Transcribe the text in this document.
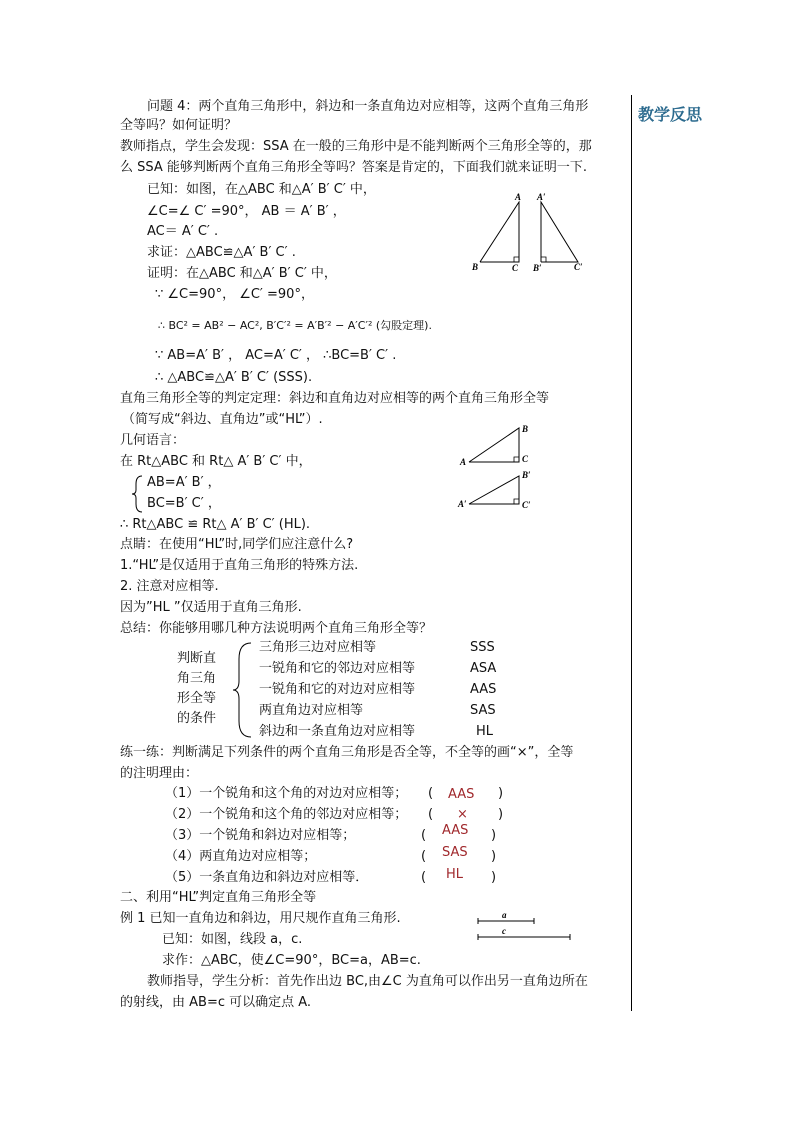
教学反思
问题 4：两个直角三角形中，斜边和一条直角边对应相等，这两个直角三角形
全等吗？如何证明？
教师指点，学生会发现：SSA 在一般的三角形中是不能判断两个三角形全等的，那
么 SSA 能够判断两个直角三角形全等吗？答案是肯定的，下面我们就来证明一下.
已知：如图，在△ABC 和△A′ B′ C′ 中，
∠C=∠ C′ =90°， AB ＝ A′ B′ ，
AC＝ A′ C′ .
求证：△ABC≌△A′ B′ C′ .
证明：在△ABC 和△A′ B′ C′ 中，
∵ ∠C=90°， ∠C′ =90°，
∴ BC² = AB² − AC², B′C′² = A′B′² − A′C′² (勾股定理).
∵ AB=A′ B′ ， AC=A′ C′ ， ∴BC=B′ C′ .
∴ △ABC≌△A′ B′ C′ (SSS).
A
B	C
A′
B′	C′
直角三角形全等的判定定理：斜边和直角边对应相等的两个直角三角形全等
（简写成“斜边、直角边”或“HL”）.
几何语言：
在 Rt△ABC 和 Rt△ A′ B′ C′ 中，
AB=A′ B′ ，
BC=B′ C′ ，
∴ Rt△ABC ≌ Rt△ A′ B′ C′ (HL).
A
B
C
A′
B′
C′
点睛：在使用“HL”时,同学们应注意什么?
1.“HL”是仅适用于直角三角形的特殊方法.
2. 注意对应相等.
因为”HL ”仅适用于直角三角形.
总结：你能够用哪几种方法说明两个直角三角形全等？
判断直
角三角
形全等
的条件
三角形三边对应相等	SSS
一锐角和它的邻边对应相等	ASA
一锐角和它的对边对应相等	AAS
两直角边对应相等	SAS
斜边和一条直角边对应相等	HL
练一练：判断满足下列条件的两个直角三角形是否全等，不全等的画“×”，全等
的注明理由：
（1）一个锐角和这个角的对边对应相等； ( AAS )
（2）一个锐角和这个角的邻边对应相等； ( × )
（3）一个锐角和斜边对应相等；	( AAS )
（4）两直角边对应相等；	( SAS )
（5）一条直角边和斜边对应相等．	( HL )
二、利用“HL”判定直角三角形全等
例 1 已知一直角边和斜边，用尺规作直角三角形.
已知：如图，线段 a，c.
求作：△ABC，使∠C=90°，BC=a，AB=c.
教师指导，学生分析：首先作出边 BC,由∠C 为直角可以作出另一直角边所在
的射线，由 AB=c 可以确定点 A.
a
c
